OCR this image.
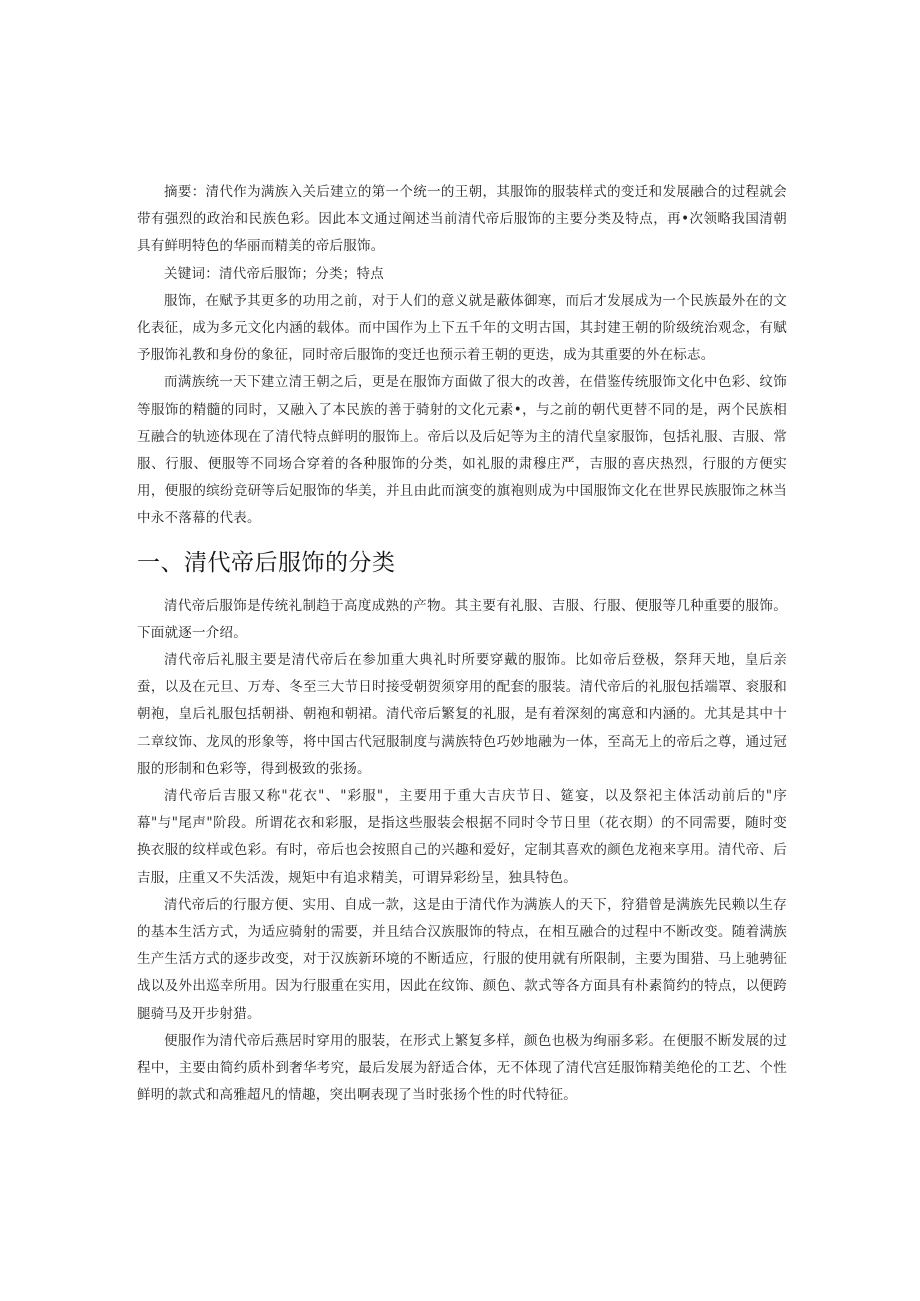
摘要：清代作为满族入关后建立的第一个统一的王朝，其服饰的服装样式的变迁和发展融合的过程就会带有强烈的政治和民族色彩。因此本文通过阐述当前清代帝后服饰的主要分类及特点，再•次领略我国清朝具有鲜明特色的华丽而精美的帝后服饰。

关键词：清代帝后服饰；分类；特点

服饰，在赋予其更多的功用之前，对于人们的意义就是蔽体御寒，而后才发展成为一个民族最外在的文化表征，成为多元文化内涵的载体。而中国作为上下五千年的文明古国，其封建王朝的阶级统治观念，有赋予服饰礼教和身份的象征，同时帝后服饰的变迁也预示着王朝的更迭，成为其重要的外在标志。

而满族统一天下建立清王朝之后，更是在服饰方面做了很大的改善，在借鉴传统服饰文化中色彩、纹饰等服饰的精髓的同时，又融入了本民族的善于骑射的文化元素•，与之前的朝代更替不同的是，两个民族相互融合的轨迹体现在了清代特点鲜明的服饰上。帝后以及后妃等为主的清代皇家服饰，包括礼服、吉服、常服、行服、便服等不同场合穿着的各种服饰的分类，如礼服的肃穆庄严，吉服的喜庆热烈，行服的方便实用，便服的缤纷竞研等后妃服饰的华美，并且由此而演变的旗袍则成为中国服饰文化在世界民族服饰之林当中永不落幕的代表。

一、清代帝后服饰的分类

清代帝后服饰是传统礼制趋于高度成熟的产物。其主要有礼服、吉服、行服、便服等几种重要的服饰。下面就逐一介绍。

清代帝后礼服主要是清代帝后在参加重大典礼时所要穿戴的服饰。比如帝后登极，祭拜天地，皇后亲蚕，以及在元旦、万寿、冬至三大节日时接受朝贺须穿用的配套的服装。清代帝后的礼服包括端罩、衮服和朝袍，皇后礼服包括朝褂、朝袍和朝裙。清代帝后繁复的礼服，是有着深刻的寓意和内涵的。尤其是其中十二章纹饰、龙凤的形象等，将中国古代冠服制度与满族特色巧妙地融为一体，至高无上的帝后之尊，通过冠服的形制和色彩等，得到极致的张扬。

清代帝后吉服又称"花衣"、"彩服"，主要用于重大吉庆节日、筵宴，以及祭祀主体活动前后的"序幕"与"尾声"阶段。所谓花衣和彩服，是指这些服装会根据不同时令节日里（花衣期）的不同需要，随时变换衣服的纹样或色彩。有时，帝后也会按照自己的兴趣和爱好，定制其喜欢的颜色龙袍来享用。清代帝、后吉服，庄重又不失活泼，规矩中有追求精美，可谓异彩纷呈，独具特色。

清代帝后的行服方便、实用、自成一款，这是由于清代作为满族人的天下，狩猎曾是满族先民赖以生存的基本生活方式，为适应骑射的需要，并且结合汉族服饰的特点，在相互融合的过程中不断改变。随着满族生产生活方式的逐步改变，对于汉族新环境的不断适应，行服的使用就有所限制，主要为围猎、马上驰骋征战以及外出巡幸所用。因为行服重在实用，因此在纹饰、颜色、款式等各方面具有朴素简约的特点，以便跨腿骑马及开步射猎。

便服作为清代帝后燕居时穿用的服装，在形式上繁复多样，颜色也极为绚丽多彩。在便服不断发展的过程中，主要由简约质朴到奢华考究，最后发展为舒适合体，无不体现了清代宫廷服饰精美绝伦的工艺、个性鲜明的款式和高雅超凡的情趣，突出啊表现了当时张扬个性的时代特征。
